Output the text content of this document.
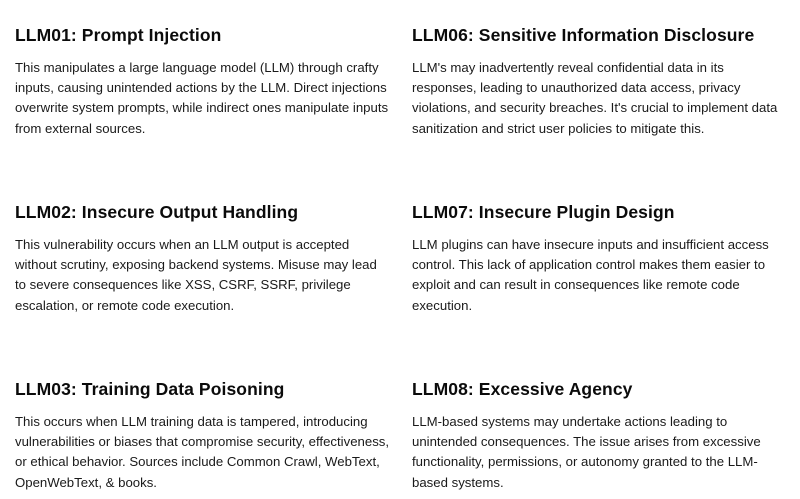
LLM01: Prompt Injection

This manipulates a large language model (LLM) through crafty inputs, causing unintended actions by the LLM. Direct injections overwrite system prompts, while indirect ones manipulate inputs from external sources.

LLM06: Sensitive Information Disclosure

LLM's may inadvertently reveal confidential data in its responses, leading to unauthorized data access, privacy violations, and security breaches. It's crucial to implement data sanitization and strict user policies to mitigate this.

LLM02: Insecure Output Handling

This vulnerability occurs when an LLM output is accepted without scrutiny, exposing backend systems. Misuse may lead to severe consequences like XSS, CSRF, SSRF, privilege escalation, or remote code execution.

LLM07: Insecure Plugin Design

LLM plugins can have insecure inputs and insufficient access control. This lack of application control makes them easier to exploit and can result in consequences like remote code execution.

LLM03: Training Data Poisoning

This occurs when LLM training data is tampered, introducing vulnerabilities or biases that compromise security, effectiveness, or ethical behavior. Sources include Common Crawl, WebText, OpenWebText, & books.

LLM08: Excessive Agency

LLM-based systems may undertake actions leading to unintended consequences. The issue arises from excessive functionality, permissions, or autonomy granted to the LLM-based systems.
